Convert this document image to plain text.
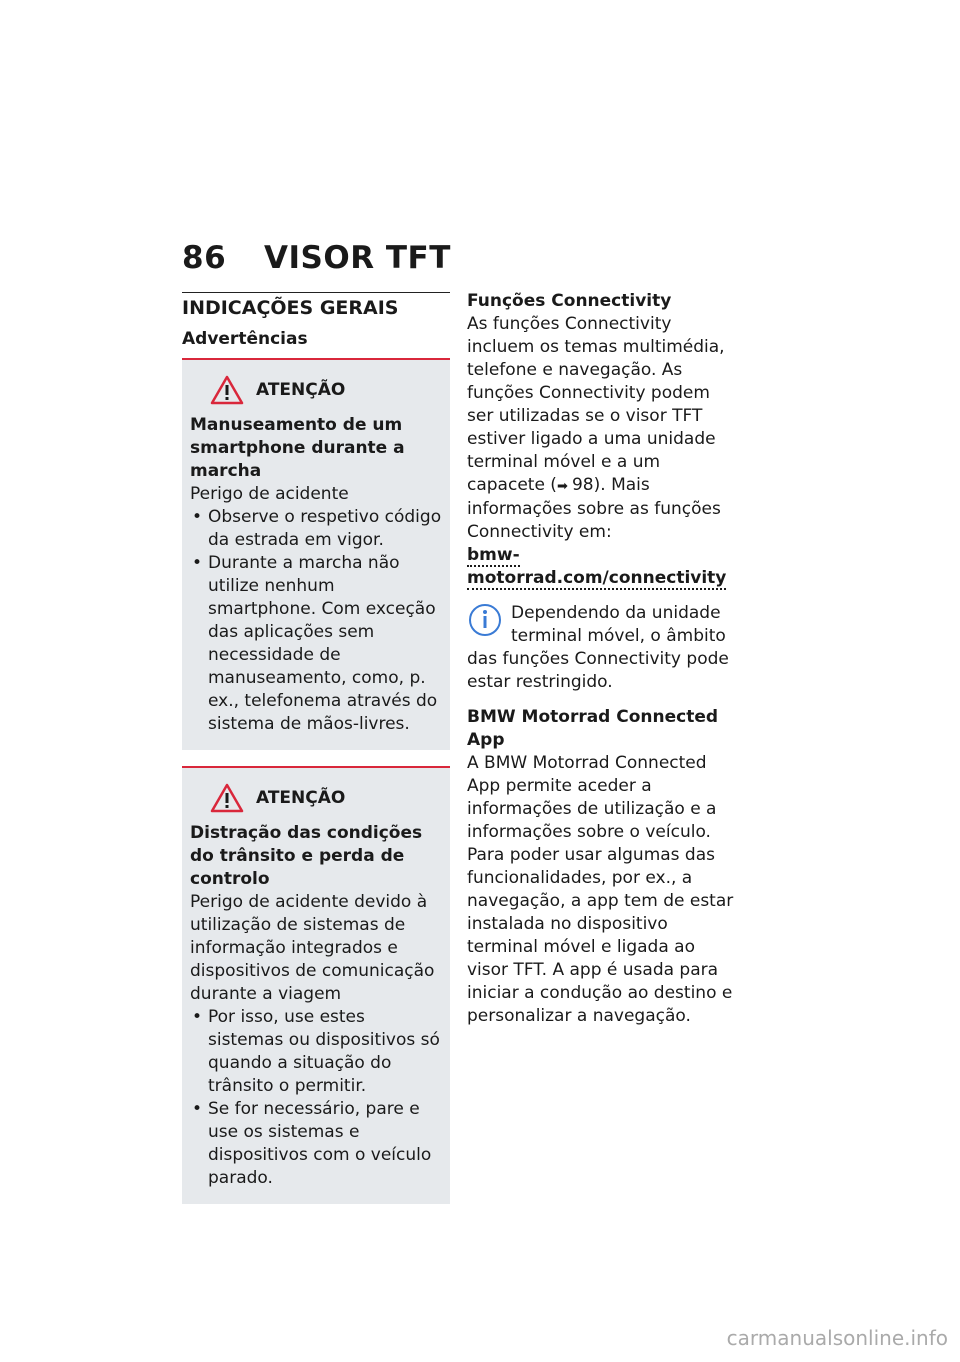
86 VISOR TFT
INDICAÇÕES GERAIS
Advertências
ATENÇÃO
Manuseamento de um smartphone durante a marcha
Perigo de acidente
• Observe o respetivo código da estrada em vigor.
• Durante a marcha não utilize nenhum smartphone. Com exceção das aplicações sem necessidade de manuseamento, como, p. ex., telefonema através do sistema de mãos-livres.
ATENÇÃO
Distração das condições do trânsito e perda de controlo
Perigo de acidente devido à utilização de sistemas de informação integrados e dispositivos de comunicação durante a viagem
• Por isso, use estes sistemas ou dispositivos só quando a situação do trânsito o permitir.
• Se for necessário, pare e use os sistemas e dispositivos com o veículo parado.
Funções Connectivity
As funções Connectivity incluem os temas multimédia, telefone e navegação. As funções Connectivity podem ser utilizadas se o visor TFT estiver ligado a uma unidade terminal móvel e a um capacete (➡ 98). Mais informações sobre as funções Connectivity em:
bmw-motorrad.com/connectivity
Dependendo da unidade terminal móvel, o âmbito das funções Connectivity pode estar restringido.
BMW Motorrad Connected App
A BMW Motorrad Connected App permite aceder a informações de utilização e a informações sobre o veículo. Para poder usar algumas das funcionalidades, por ex., a navegação, a app tem de estar instalada no dispositivo terminal móvel e ligada ao visor TFT. A app é usada para iniciar a condução ao destino e personalizar a navegação.
carmanualsonline.info
